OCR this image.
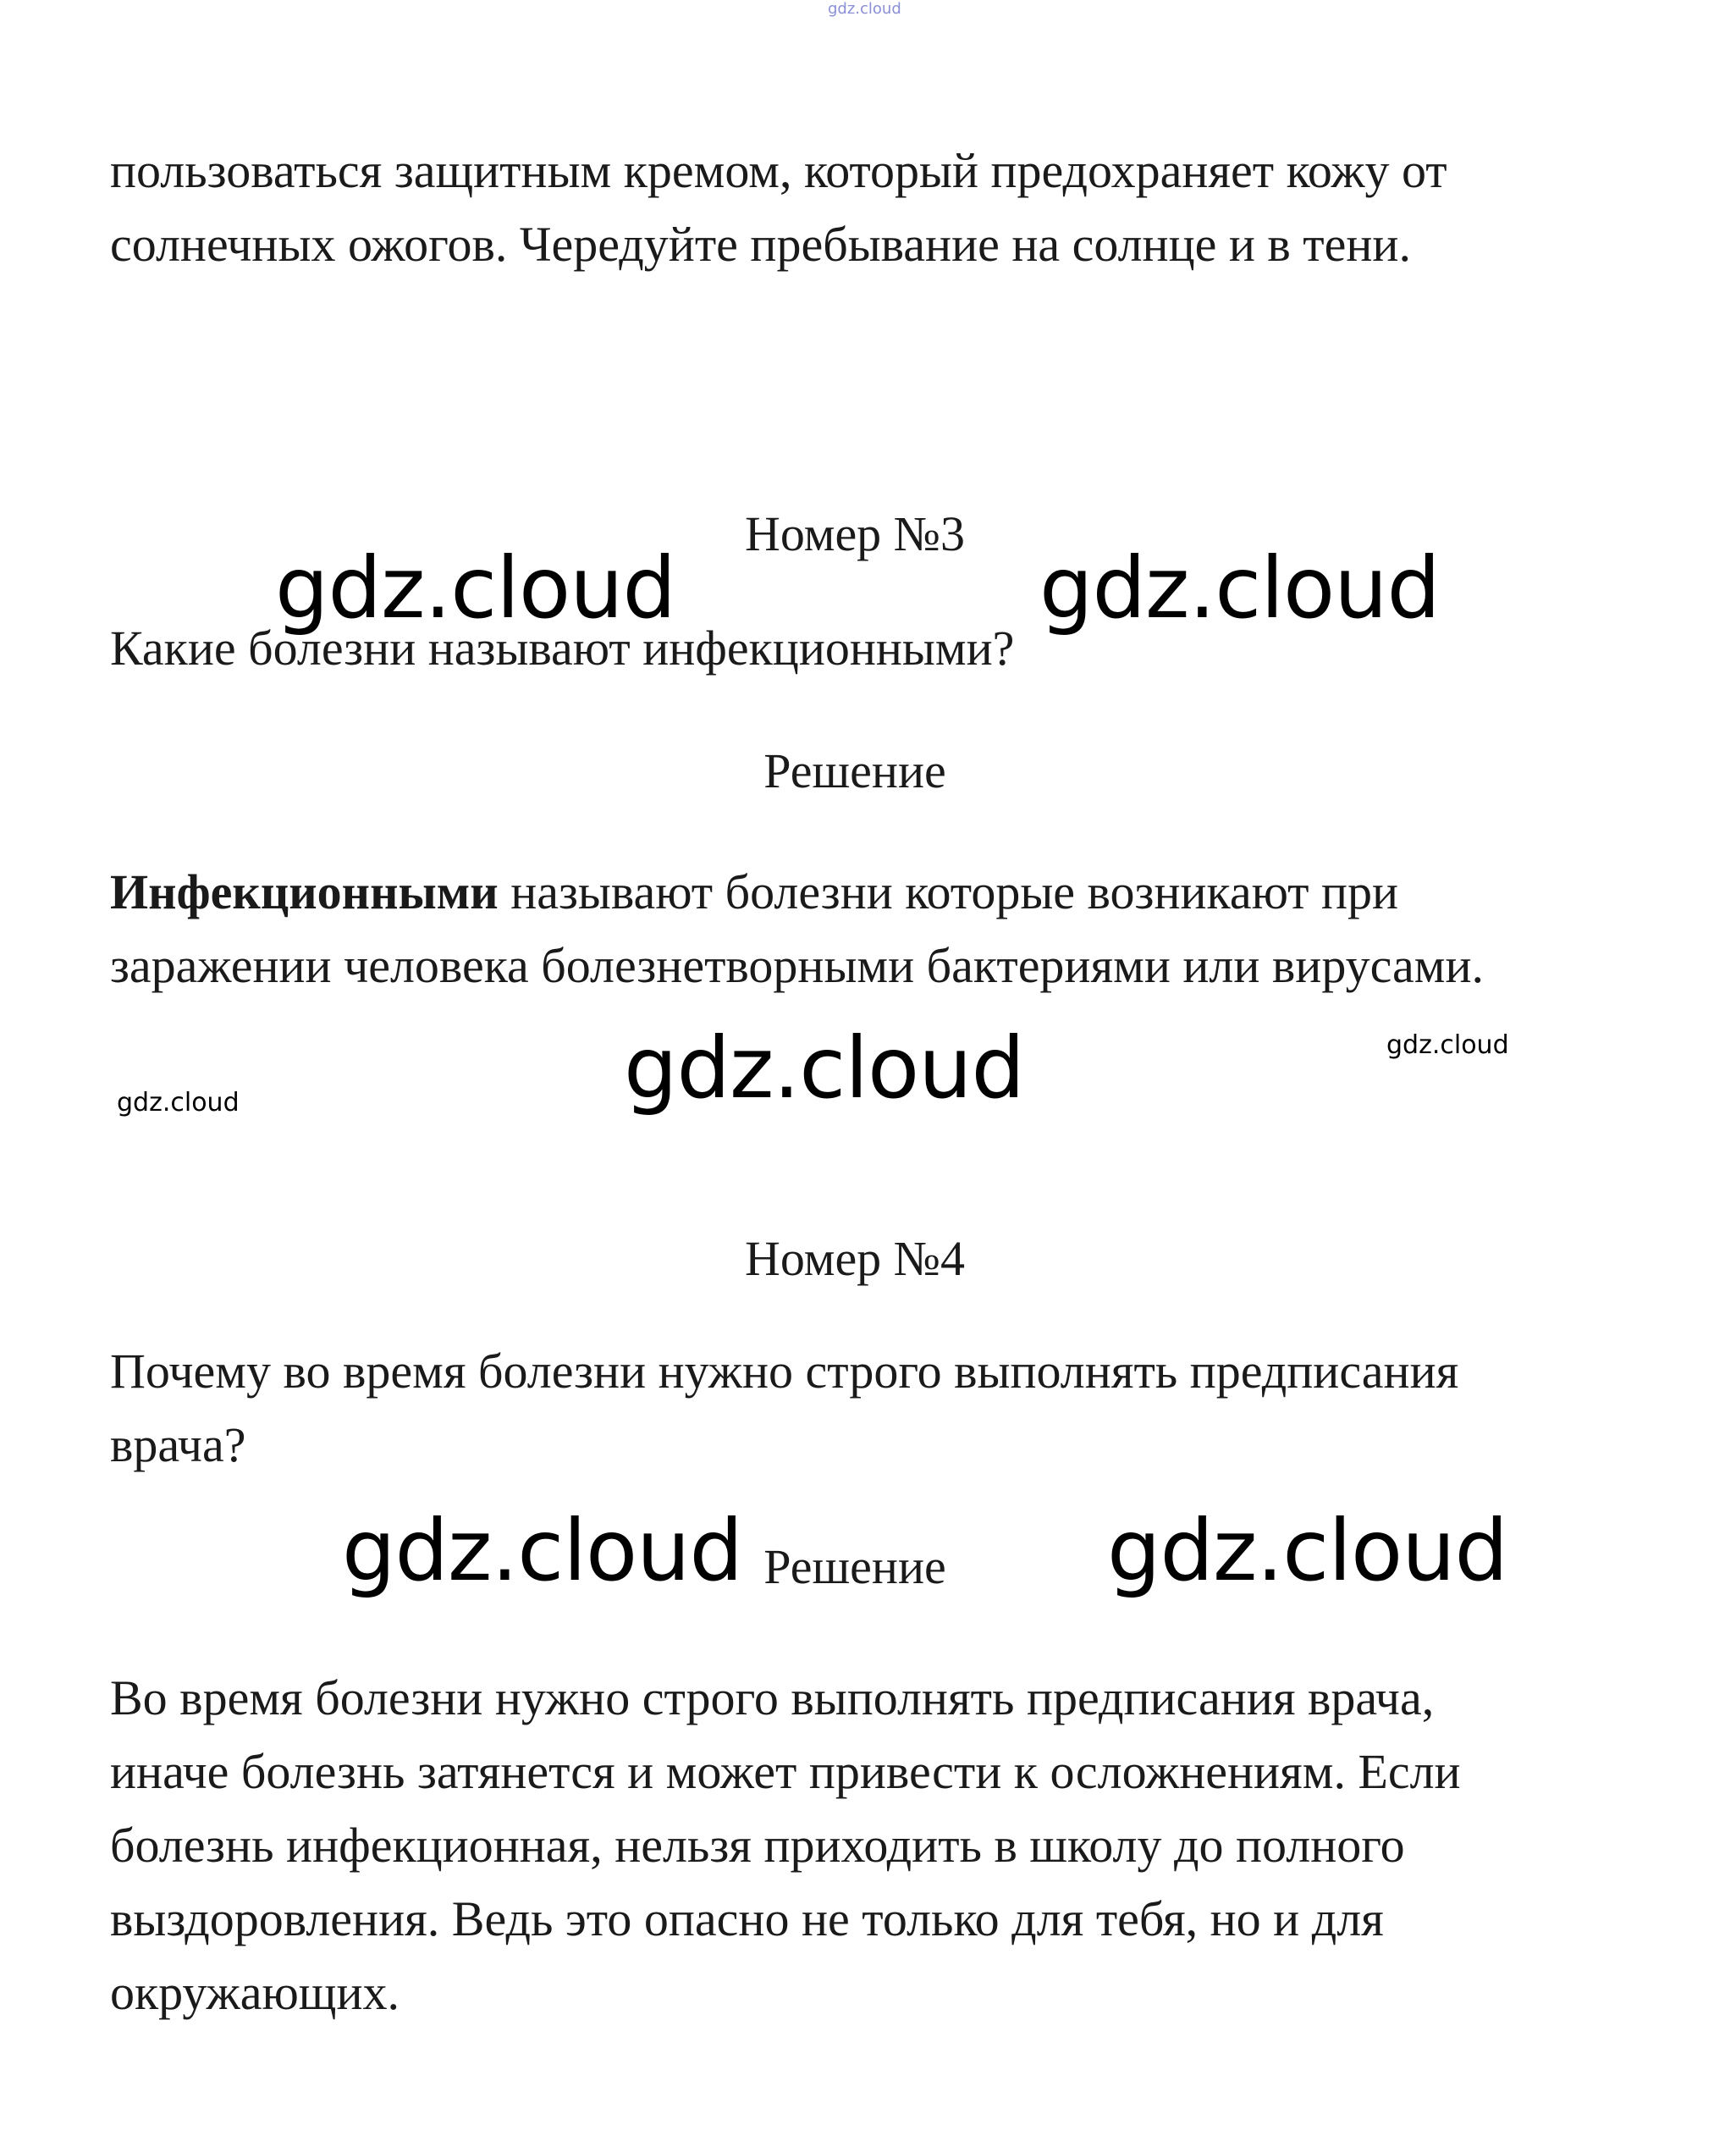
gdz.cloud

пользоваться защитным кремом, который предохраняет кожу от
солнечных ожогов. Чередуйте пребывание на солнце и в тени.

Номер №3

gdz.cloud	gdz.cloud

Какие болезни называют инфекционными?

Решение

Инфекционными называют болезни которые возникают при
заражении человека болезнетворными бактериями или вирусами.

gdz.cloud	gdz.cloud
gdz.cloud

Номер №4

Почему во время болезни нужно строго выполнять предписания
врача?

gdz.cloud Решение	gdz.cloud

Во время болезни нужно строго выполнять предписания врача,
иначе болезнь затянется и может привести к осложнениям. Если
болезнь инфекционная, нельзя приходить в школу до полного
выздоровления. Ведь это опасно не только для тебя, но и для
окружающих.
